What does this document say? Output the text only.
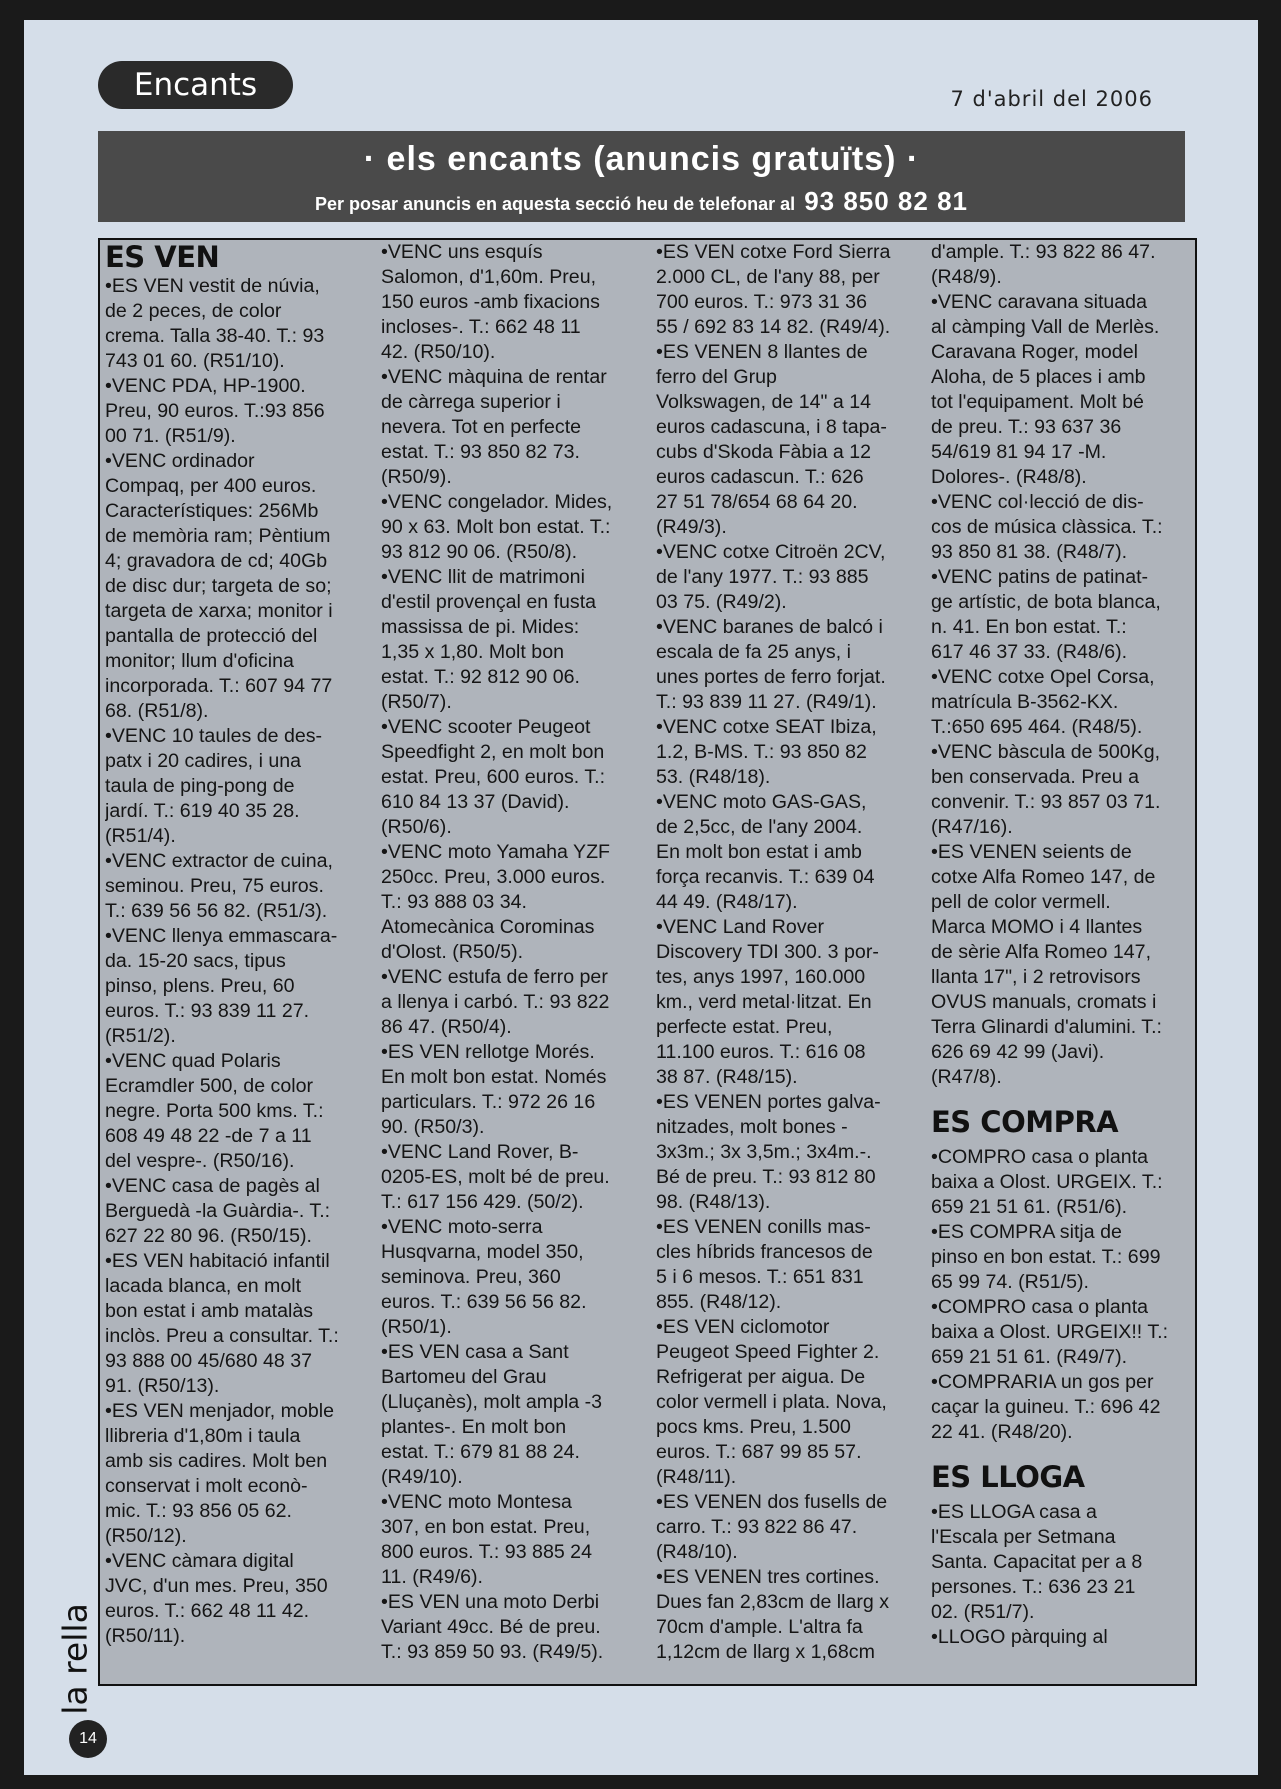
Encants	7 d'abril del 2006
· els encants (anuncis gratuïts) ·
Per posar anuncis en aquesta secció heu de telefonar al 93 850 82 81
ES VEN
•ES VEN vestit de núvia,
de 2 peces, de color
crema. Talla 38-40. T.: 93
743 01 60. (R51/10).
•VENC PDA, HP-1900.
Preu, 90 euros. T.:93 856
00 71. (R51/9).
•VENC ordinador
Compaq, per 400 euros.
Característiques: 256Mb
de memòria ram; Pèntium
4; gravadora de cd; 40Gb
de disc dur; targeta de so;
targeta de xarxa; monitor i
pantalla de protecció del
monitor; llum d'oficina
incorporada. T.: 607 94 77
68. (R51/8).
•VENC 10 taules de des-
patx i 20 cadires, i una
taula de ping-pong de
jardí. T.: 619 40 35 28.
(R51/4).
•VENC extractor de cuina,
seminou. Preu, 75 euros.
T.: 639 56 56 82. (R51/3).
•VENC llenya emmascara-
da. 15-20 sacs, tipus
pinso, plens. Preu, 60
euros. T.: 93 839 11 27.
(R51/2).
•VENC quad Polaris
Ecramdler 500, de color
negre. Porta 500 kms. T.:
608 49 48 22 -de 7 a 11
del vespre-. (R50/16).
•VENC casa de pagès al
Berguedà -la Guàrdia-. T.:
627 22 80 96. (R50/15).
•ES VEN habitació infantil
lacada blanca, en molt
bon estat i amb matalàs
inclòs. Preu a consultar. T.:
93 888 00 45/680 48 37
91. (R50/13).
•ES VEN menjador, moble
llibreria d'1,80m i taula
amb sis cadires. Molt ben
conservat i molt econò-
mic. T.: 93 856 05 62.
(R50/12).
•VENC càmara digital
JVC, d'un mes. Preu, 350
euros. T.: 662 48 11 42.
(R50/11).
•VENC uns esquís
Salomon, d'1,60m. Preu,
150 euros -amb fixacions
incloses-. T.: 662 48 11
42. (R50/10).
•VENC màquina de rentar
de càrrega superior i
nevera. Tot en perfecte
estat. T.: 93 850 82 73.
(R50/9).
•VENC congelador. Mides,
90 x 63. Molt bon estat. T.:
93 812 90 06. (R50/8).
•VENC llit de matrimoni
d'estil provençal en fusta
massissa de pi. Mides:
1,35 x 1,80. Molt bon
estat. T.: 92 812 90 06.
(R50/7).
•VENC scooter Peugeot
Speedfight 2, en molt bon
estat. Preu, 600 euros. T.:
610 84 13 37 (David).
(R50/6).
•VENC moto Yamaha YZF
250cc. Preu, 3.000 euros.
T.: 93 888 03 34.
Atomecànica Corominas
d'Olost. (R50/5).
•VENC estufa de ferro per
a llenya i carbó. T.: 93 822
86 47. (R50/4).
•ES VEN rellotge Morés.
En molt bon estat. Només
particulars. T.: 972 26 16
90. (R50/3).
•VENC Land Rover, B-
0205-ES, molt bé de preu.
T.: 617 156 429. (50/2).
•VENC moto-serra
Husqvarna, model 350,
seminova. Preu, 360
euros. T.: 639 56 56 82.
(R50/1).
•ES VEN casa a Sant
Bartomeu del Grau
(Lluçanès), molt ampla -3
plantes-. En molt bon
estat. T.: 679 81 88 24.
(R49/10).
•VENC moto Montesa
307, en bon estat. Preu,
800 euros. T.: 93 885 24
11. (R49/6).
•ES VEN una moto Derbi
Variant 49cc. Bé de preu.
T.: 93 859 50 93. (R49/5).
•ES VEN cotxe Ford Sierra
2.000 CL, de l'any 88, per
700 euros. T.: 973 31 36
55 / 692 83 14 82. (R49/4).
•ES VENEN 8 llantes de
ferro del Grup
Volkswagen, de 14" a 14
euros cadascuna, i 8 tapa-
cubs d'Skoda Fàbia a 12
euros cadascun. T.: 626
27 51 78/654 68 64 20.
(R49/3).
•VENC cotxe Citroën 2CV,
de l'any 1977. T.: 93 885
03 75. (R49/2).
•VENC baranes de balcó i
escala de fa 25 anys, i
unes portes de ferro forjat.
T.: 93 839 11 27. (R49/1).
•VENC cotxe SEAT Ibiza,
1.2, B-MS. T.: 93 850 82
53. (R48/18).
•VENC moto GAS-GAS,
de 2,5cc, de l'any 2004.
En molt bon estat i amb
força recanvis. T.: 639 04
44 49. (R48/17).
•VENC Land Rover
Discovery TDI 300. 3 por-
tes, anys 1997, 160.000
km., verd metal·litzat. En
perfecte estat. Preu,
11.100 euros. T.: 616 08
38 87. (R48/15).
•ES VENEN portes galva-
nitzades, molt bones -
3x3m.; 3x 3,5m.; 3x4m.-.
Bé de preu. T.: 93 812 80
98. (R48/13).
•ES VENEN conills mas-
cles híbrids francesos de
5 i 6 mesos. T.: 651 831
855. (R48/12).
•ES VEN ciclomotor
Peugeot Speed Fighter 2.
Refrigerat per aigua. De
color vermell i plata. Nova,
pocs kms. Preu, 1.500
euros. T.: 687 99 85 57.
(R48/11).
•ES VENEN dos fusells de
carro. T.: 93 822 86 47.
(R48/10).
•ES VENEN tres cortines.
Dues fan 2,83cm de llarg x
70cm d'ample. L'altra fa
1,12cm de llarg x 1,68cm
d'ample. T.: 93 822 86 47.
(R48/9).
•VENC caravana situada
al càmping Vall de Merlès.
Caravana Roger, model
Aloha, de 5 places i amb
tot l'equipament. Molt bé
de preu. T.: 93 637 36
54/619 81 94 17 -M.
Dolores-. (R48/8).
•VENC col·lecció de dis-
cos de música clàssica. T.:
93 850 81 38. (R48/7).
•VENC patins de patinat-
ge artístic, de bota blanca,
n. 41. En bon estat. T.:
617 46 37 33. (R48/6).
•VENC cotxe Opel Corsa,
matrícula B-3562-KX.
T.:650 695 464. (R48/5).
•VENC bàscula de 500Kg,
ben conservada. Preu a
convenir. T.: 93 857 03 71.
(R47/16).
•ES VENEN seients de
cotxe Alfa Romeo 147, de
pell de color vermell.
Marca MOMO i 4 llantes
de sèrie Alfa Romeo 147,
llanta 17", i 2 retrovisors
OVUS manuals, cromats i
Terra Glinardi d'alumini. T.:
626 69 42 99 (Javi).
(R47/8).
ES COMPRA
•COMPRO casa o planta
baixa a Olost. URGEIX. T.:
659 21 51 61. (R51/6).
•ES COMPRA sitja de
pinso en bon estat. T.: 699
65 99 74. (R51/5).
•COMPRO casa o planta
baixa a Olost. URGEIX!! T.:
659 21 51 61. (R49/7).
•COMPRARIA un gos per
caçar la guineu. T.: 696 42
22 41. (R48/20).
ES LLOGA
•ES LLOGA casa a
l'Escala per Setmana
Santa. Capacitat per a 8
persones. T.: 636 23 21
02. (R51/7).
•LLOGO pàrquing al
la rella
14
